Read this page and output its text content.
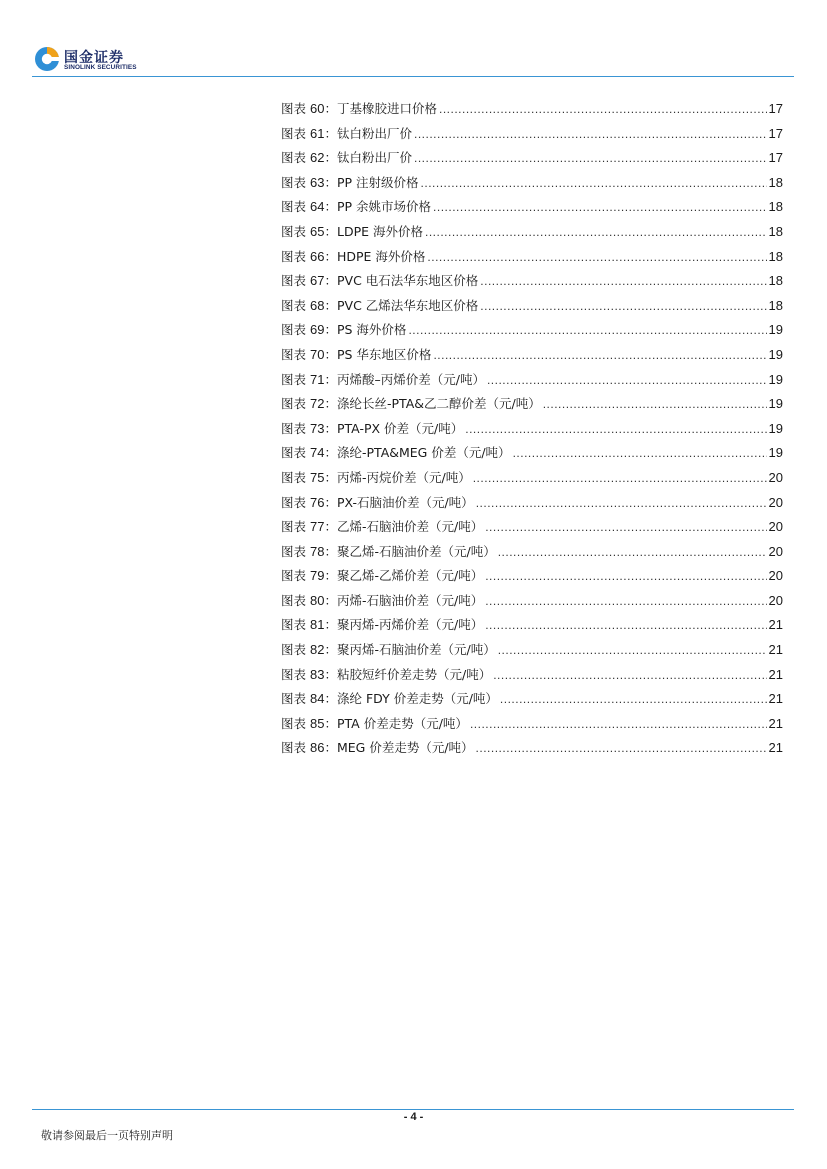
国金证券
SINOLINK SECURITIES
图表 60：丁基橡胶进口价格 .....	17
图表 61：钛白粉出厂价 .....	17
图表 62：钛白粉出厂价 .....	17
图表 63：PP 注射级价格 .....	18
图表 64：PP 余姚市场价格 .....	18
图表 65：LDPE 海外价格 .....	18
图表 66：HDPE 海外价格 .....	18
图表 67：PVC 电石法华东地区价格 .....	18
图表 68：PVC 乙烯法华东地区价格 .....	18
图表 69：PS 海外价格 .....	19
图表 70：PS 华东地区价格 .....	19
图表 71：丙烯酸–丙烯价差（元/吨） .....	19
图表 72：涤纶长丝-PTA&乙二醇价差（元/吨） .....	19
图表 73：PTA-PX 价差（元/吨） .....	19
图表 74：涤纶-PTA&MEG 价差（元/吨） .....	19
图表 75：丙烯-丙烷价差（元/吨） .....	20
图表 76：PX-石脑油价差（元/吨） .....	20
图表 77：乙烯-石脑油价差（元/吨） .....	20
图表 78：聚乙烯-石脑油价差（元/吨） .....	20
图表 79：聚乙烯-乙烯价差（元/吨） .....	20
图表 80：丙烯-石脑油价差（元/吨） .....	20
图表 81：聚丙烯-丙烯价差（元/吨） .....	21
图表 82：聚丙烯-石脑油价差（元/吨） .....	21
图表 83：粘胶短纤价差走势（元/吨） .....	21
图表 84：涤纶 FDY 价差走势（元/吨） .....	21
图表 85：PTA 价差走势（元/吨） .....	21
图表 86：MEG 价差走势（元/吨） .....	21
- 4 -
敬请参阅最后一页特别声明
